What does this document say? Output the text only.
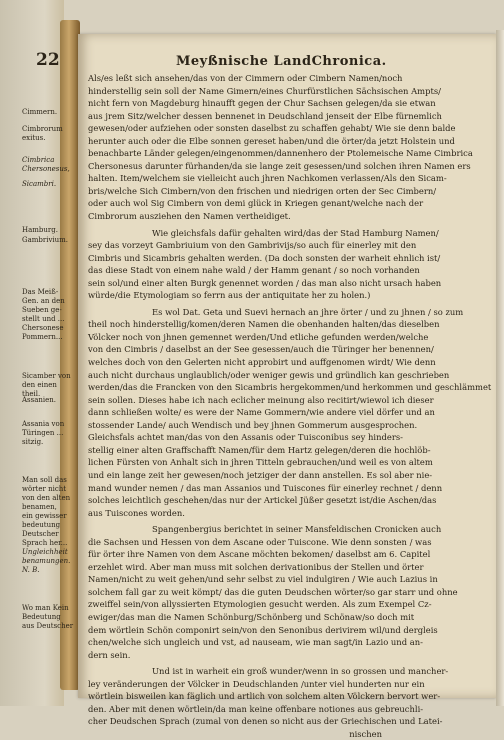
22	Meyßnische LandChronica.
Als/es leßt sich ansehen/das von der Cimmern oder Cimbern Namen/noch
hinderstellig sein soll der Name Gimern/eines Churfürstlichen Sächsischen Ampts/
nicht fern von Magdeburg hinaufft gegen der Chur Sachsen gelegen/da sie etwan
aus jrem Sitz/welcher dessen bennenet in Deudschland jenseit der Elbe fürnemlich
gewesen/oder aufziehen oder sonsten daselbst zu schaffen gehabt/ Wie sie denn balde
herunter auch oder die Elbe sonnen gereset haben/und die örter/da jetzt Holstein und
benachbarte Länder gelegen/eingenommen/dannenhero der Ptolemeische Name Cimbrica
Chersonesus darunter fürhanden/da sie lange zeit gesessen/und solchen ihren Namen ers
halten. Item/welchem sie vielleicht auch jhren Nachkomen verlassen/Als den Sicam-
bris/welche Sich Cimbern/von den frischen und niedrigen orten der Sec Cimbern/
oder auch wol Sig Cimbern von demi glück in Kriegen genant/welche nach der
Cimbrorum ausziehen den Namen vertheidiget.
Wie gleichsfals dafür gehalten wird/das der Stad Hamburg Namen/
sey das vorzeyt Gambriuium von den Gambrivijs/so auch für einerley mit den
Cimbris und Sicambris gehalten werden. (Da doch sonsten der warheit ehnlich ist/
das diese Stadt von einem nahe wald / der Hamm genant / so noch vorhanden
sein sol/und einer alten Burgk genennet worden / das man also nicht ursach haben
würde/die Etymologiam so ferrn aus der antiquitate her zu holen.)
Es wol Dat. Geta und Suevi hernach an jhre örter / und zu jhnen / so zum
theil noch hinderstellig/komen/deren Namen die obenhanden halten/das dieselben
Völcker noch von jhnen gemennet werden/Und etliche gefunden werden/welche
von den Cimbris / daselbst an der See gesessen/auch die Türinger her benennen/
welches doch von den Gelerten nicht approbirt und auffgenomen wirdt/ Wie denn
auch nicht durchaus unglaublich/oder weniger gewis und gründlich kan geschrieben
werden/das die Francken von den Sicambris hergekommen/und herkommen und geschlämmet
sein sollen. Dieses habe ich nach eclicher meinung also recitirt/wiewol ich dieser
dann schließen wolte/ es were der Name Gommern/wie andere viel dörfer und an
stossender Lande/ auch Wendisch und bey jhnen Gommerum ausgesprochen.
Gleichsfals achtet man/das von den Assanis oder Tuisconibus sey hinders-
stellig einer alten Graffschafft Namen/für dem Hartz gelegen/deren die hochlöb-
lichen Fürsten von Anhalt sich in jhren Titteln gebrauchen/und weil es von altem
und ein lange zeit her gewesen/noch jetziger der dann anstellen. Es sol aber nie-
mand wunder nemen / das man Assanios und Tuiscones für einerley rechnet / denn
solches leichtlich geschehen/das nur der Artickel Jüßer gesetzt ist/die Aschen/das
aus Tuiscones worden.
Spangenbergius berichtet in seiner Mansfeldischen Cronicken auch
die Sachsen und Hessen von dem Ascane oder Tuiscone. Wie denn sonsten / was
für örter ihre Namen von dem Ascane möchten bekomen/ daselbst am 6. Capitel
erzehlet wird. Aber man muss mit solchen derivationibus der Stellen und örter
Namen/nicht zu weit gehen/und sehr selbst zu viel indulgiren / Wie auch Lazius in
solchem fall gar zu weit kömpt/ das die guten Deudschen wörter/so gar starr und ohne
zweiffel sein/von allyssierten Etymologien gesucht werden. Als zum Exempel Cz-
ewiger/das man die Namen Schönburg/Schönberg und Schönaw/so doch mit
dem wörtlein Schön componirt sein/von den Senonibus derivirem wil/und dergleis
chen/welche sich ungleich und vst, ad nauseam, wie man sagt/in Lazio und an-
dern sein.
Und ist in warheit ein groß wunder/wenn in so grossen und mancher-
ley veränderungen der Völcker in Deudschlanden /unter viel hunderten nur ein
wörtlein bisweilen kan fäglich und artlich von solchem alten Völckern bervort wer-
den. Aber mit denen wörtlein/da man keine offenbare notiones aus gebreuchli-
cher Deudschen Sprach (zumal von denen so nicht aus der Griechischen und Latei-
nischen
Cimmern.
Cimbrorum
exitus.
Cimbrica
Chersonesus,
Sicambri.
Hamburg.
Gambrivium.
Das Meiß-
Gen. an den
Sueben ge-
stellt und ...
Chersonese
Pommern...
Sicamber von
den einen
theil.
Assanien.
Assania von
Türingen ...
sitzig.
Man soll das
wörter nicht
von den alten
benamen,
ein gewisser
bedeutung
Deutscher
Sprach her...
Ungleichheit
benamungen.
N. B.
Wo man Kein
Bedeutung
aus Deutscher
